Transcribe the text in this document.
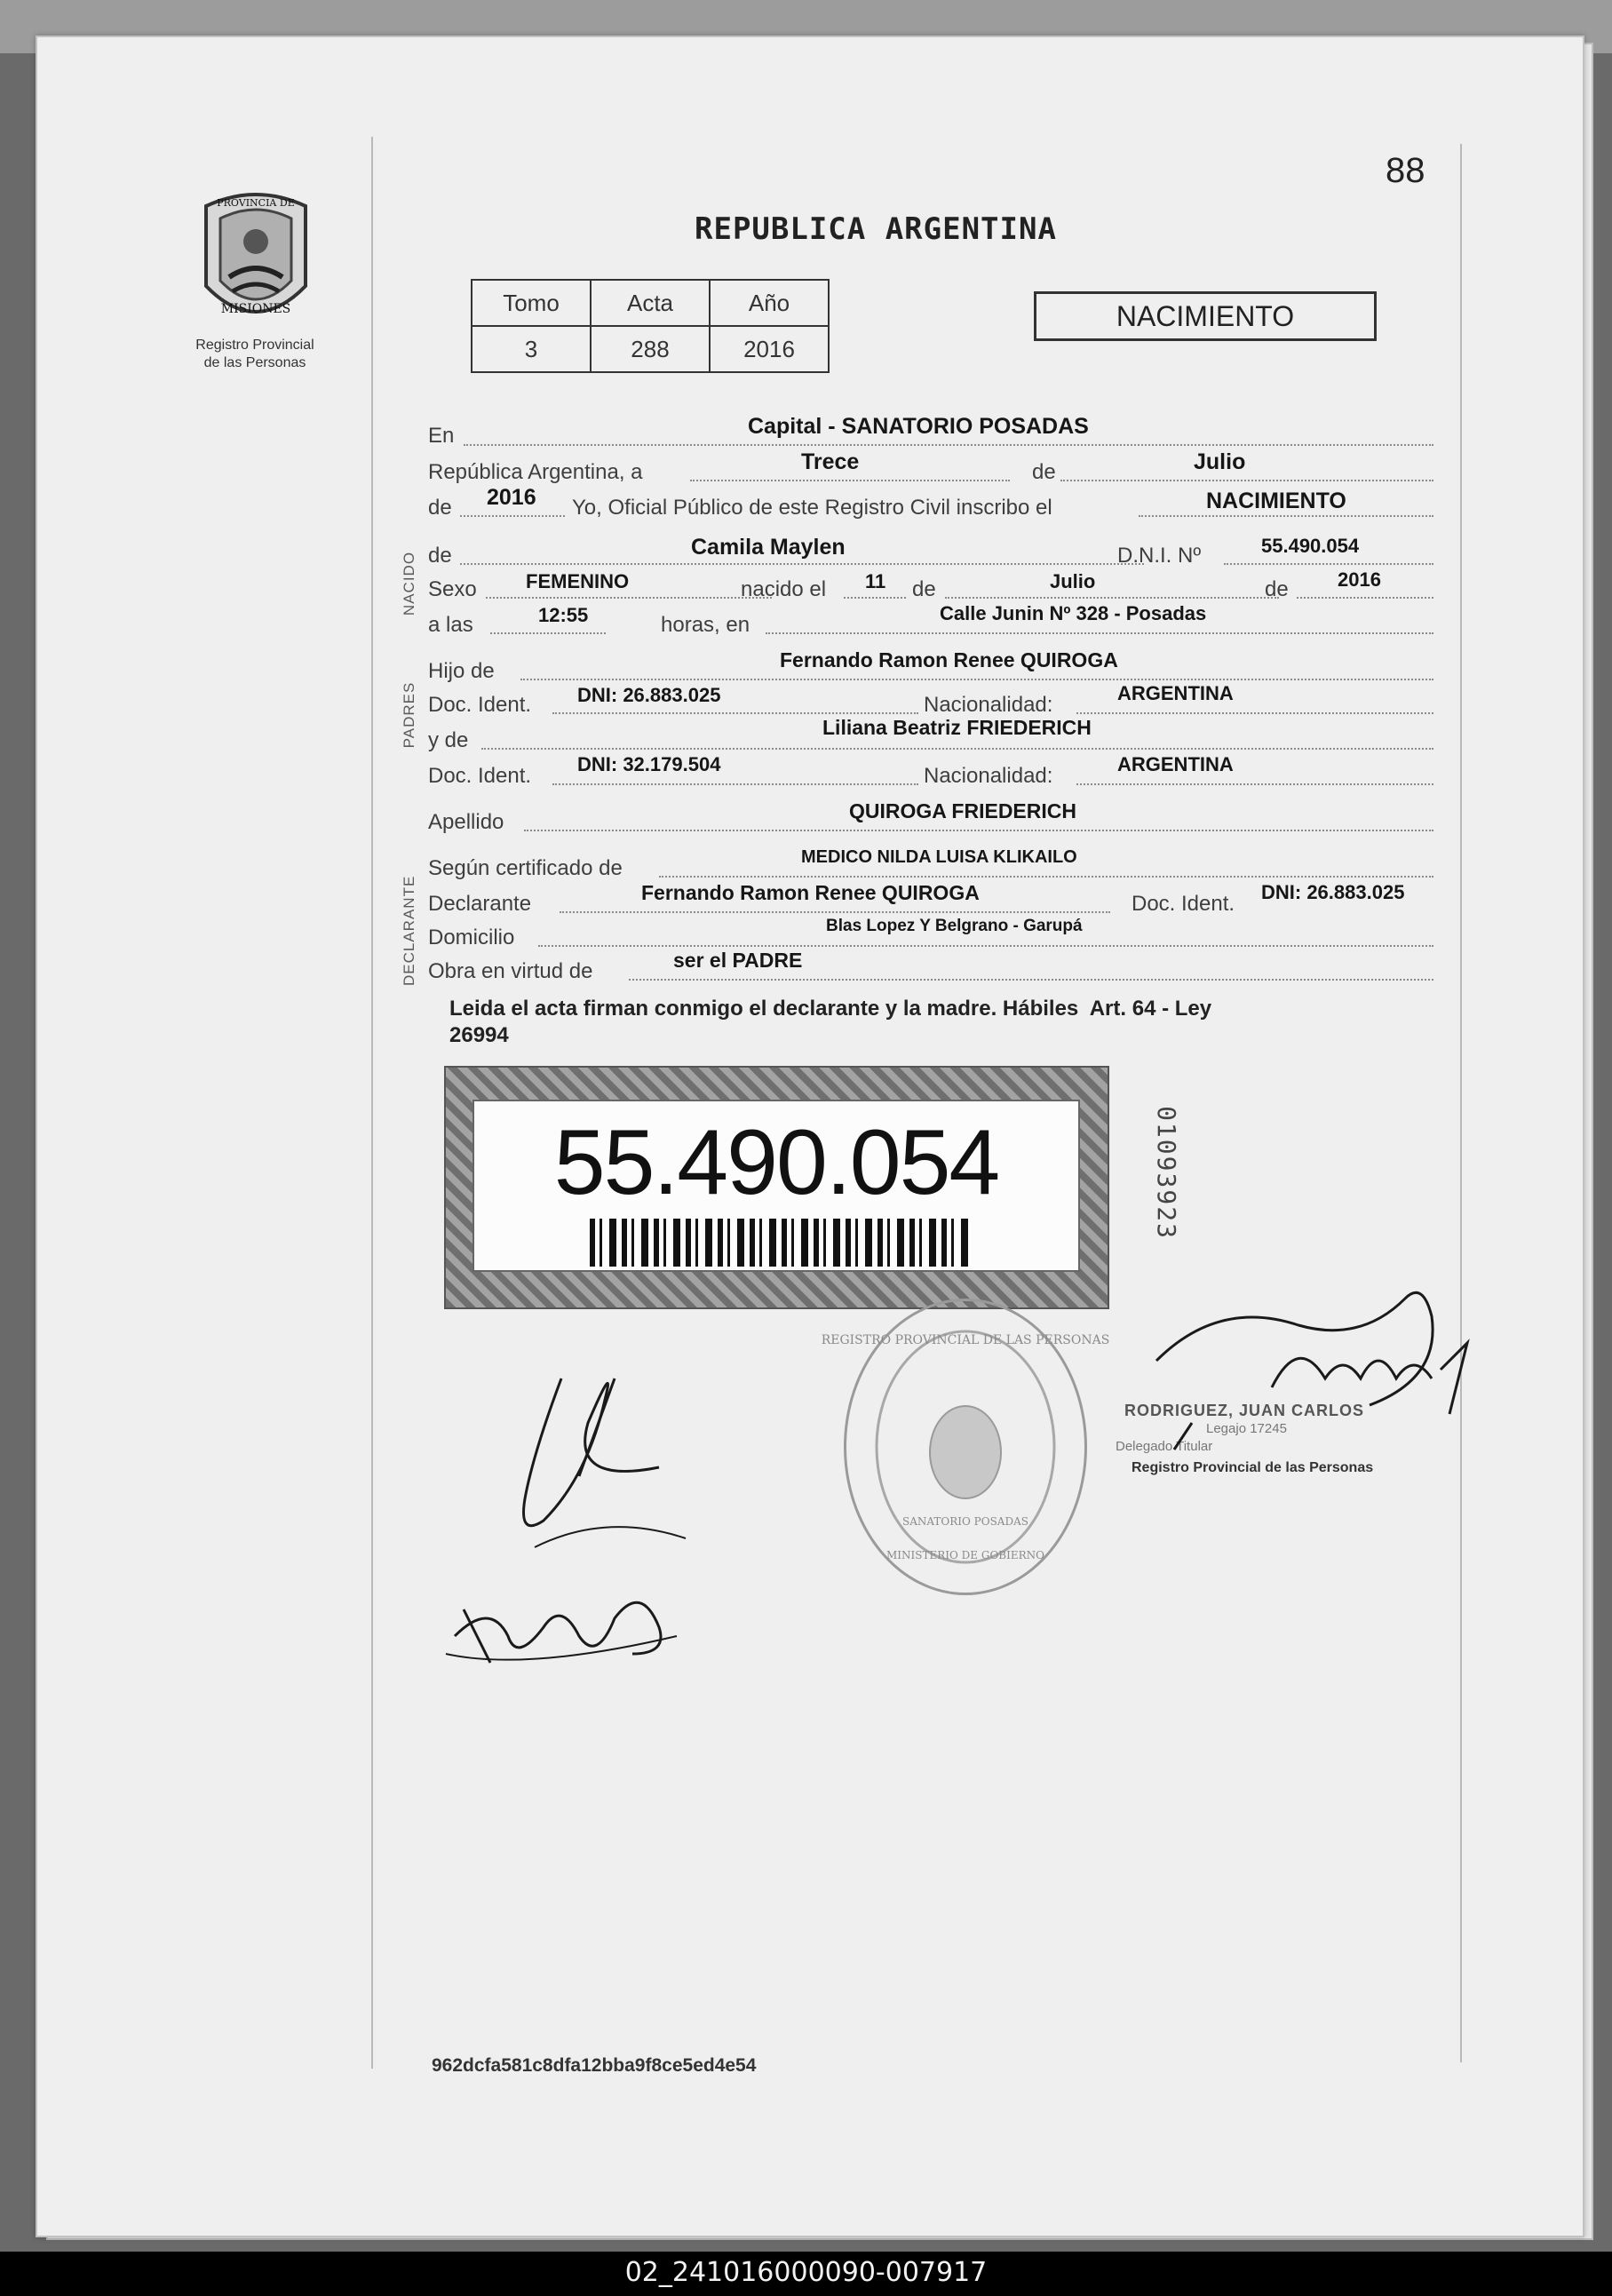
88
PROVINCIA DE
MISIONES
Registro Provincial
de las Personas
REPUBLICA ARGENTINA
Tomo	Acta	Año
3	288	2016
NACIMIENTO
NACIDO
PADRES
DECLARANTE
En	Capital - SANATORIO POSADAS
República Argentina, a	Trece	de	Julio
de 2016 Yo, Oficial Público de este Registro Civil inscribo el	NACIMIENTO
de	Camila Maylen	D.N.I. Nº	55.490.054
Sexo	FEMENINO	nacido el 11 de	Julio	de	2016
a las	12:55	horas, en	Calle Junin Nº 328 - Posadas
Hijo de	Fernando Ramon Renee QUIROGA
Doc. Ident. DNI: 26.883.025	Nacionalidad:	ARGENTINA
y de
Liliana Beatriz FRIEDERICH
Doc. Ident. DNI: 32.179.504	Nacionalidad:	ARGENTINA
Apellido	QUIROGA FRIEDERICH
Según certificado de	MEDICO NILDA LUISA KLIKAILO
Declarante	Fernando Ramon Renee QUIROGA	Doc. Ident. DNI: 26.883.025
Domicilio	Blas Lopez Y Belgrano - Garupá
Obra en virtud de	ser el PADRE
Leida el acta firman conmigo el declarante y la madre. Hábiles  Art. 64 - Ley
26994
55.490.054	01093923
REGISTRO PROVINCIAL DE LAS PERSONAS
SANATORIO POSADAS
MINISTERIO DE GOBIERNO
RODRIGUEZ, JUAN CARLOS
Legajo 17245
Delegado Titular
Registro Provincial de las Personas
962dcfa581c8dfa12bba9f8ce5ed4e54
02_241016000090-007917
